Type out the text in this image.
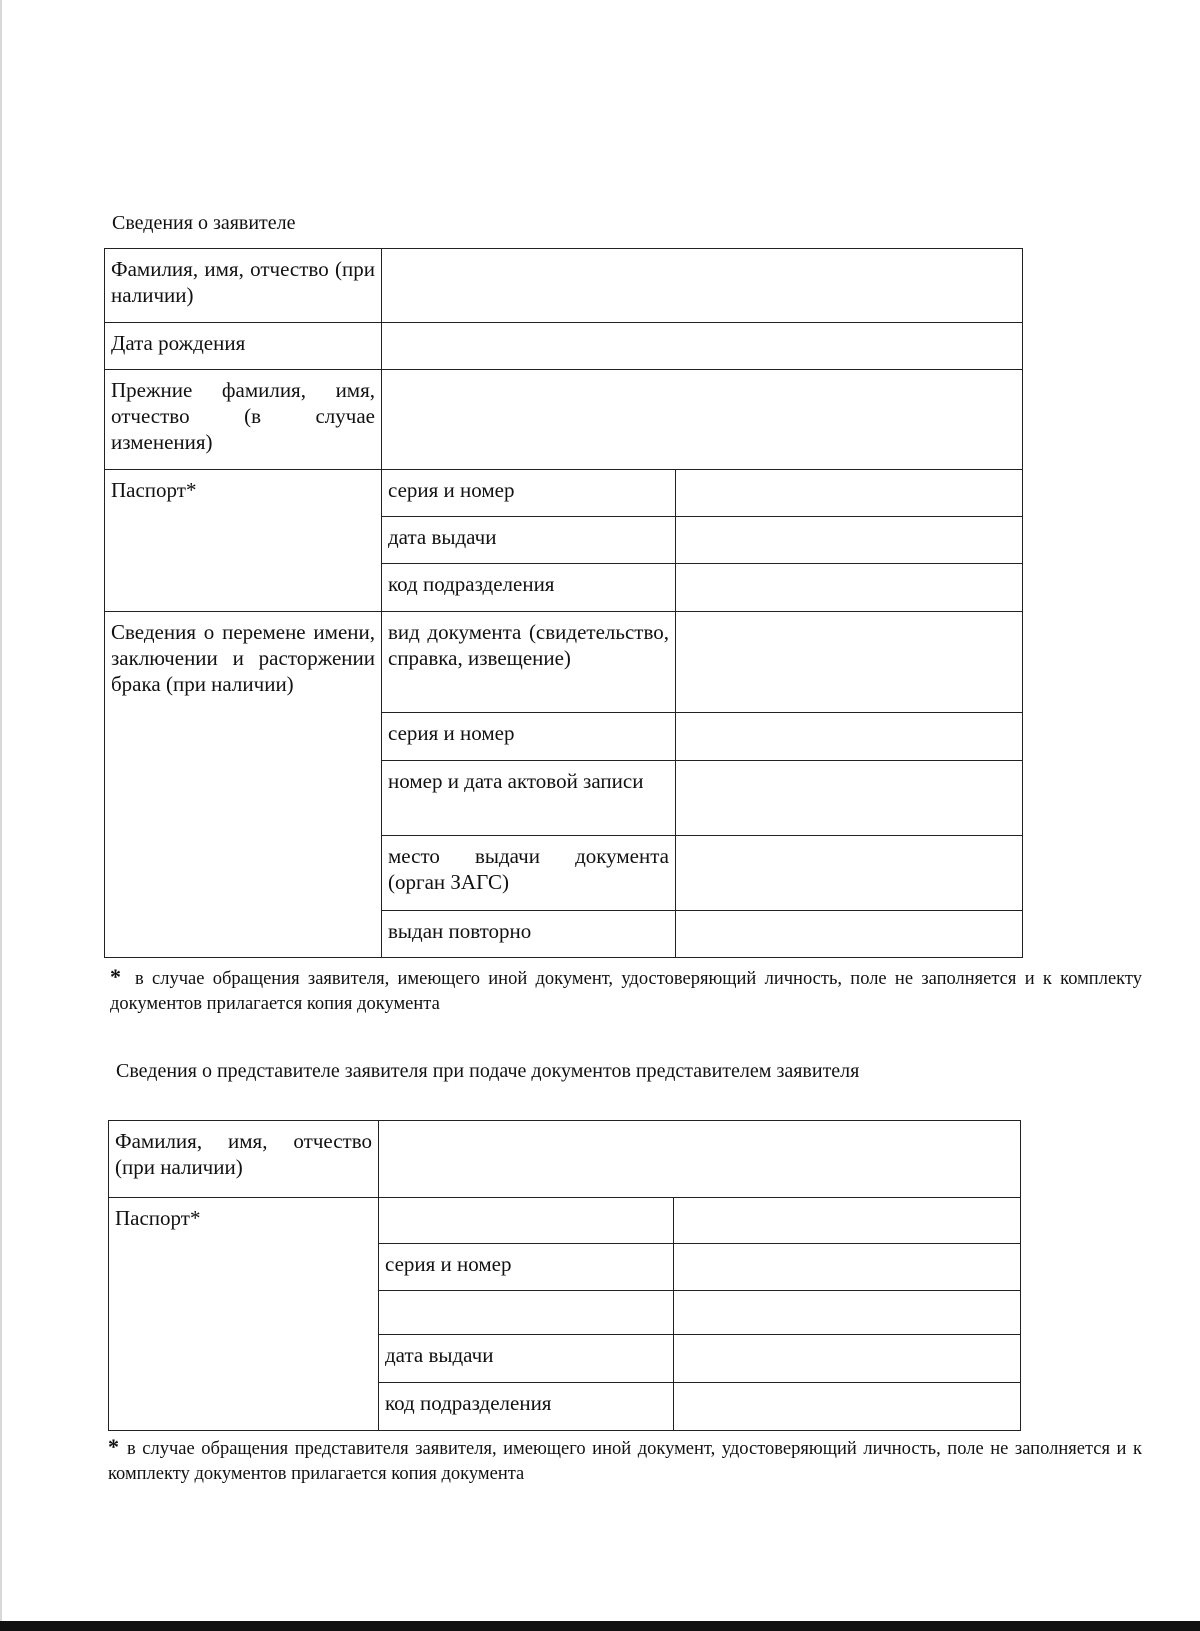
Сведения о заявителе

Фамилия, имя, отчество (при наличии)		
Дата рождения		
Прежние фамилия, имя, отчество (в случае изменения)		
Паспорт*	серия и номер	
	дата выдачи	
	код подразделения	
Сведения о перемене имени, заключении и расторжении брака (при наличии)	вид документа (свидетельство, справка, извещение)	
	серия и номер	
	номер и дата актовой записи	
	место выдачи документа (орган ЗАГС)	
	выдан повторно	

* в случае обращения заявителя, имеющего иной документ, удостоверяющий личность, поле не заполняется и к комплекту документов прилагается копия документа

Сведения о представителе заявителя при подаче документов представителем заявителя

Фамилия, имя, отчество (при наличии)		
Паспорт*		
	серия и номер	

	дата выдачи	
	код подразделения	

* в случае обращения представителя заявителя, имеющего иной документ, удостоверяющий личность, поле не заполняется и к комплекту документов прилагается копия документа
